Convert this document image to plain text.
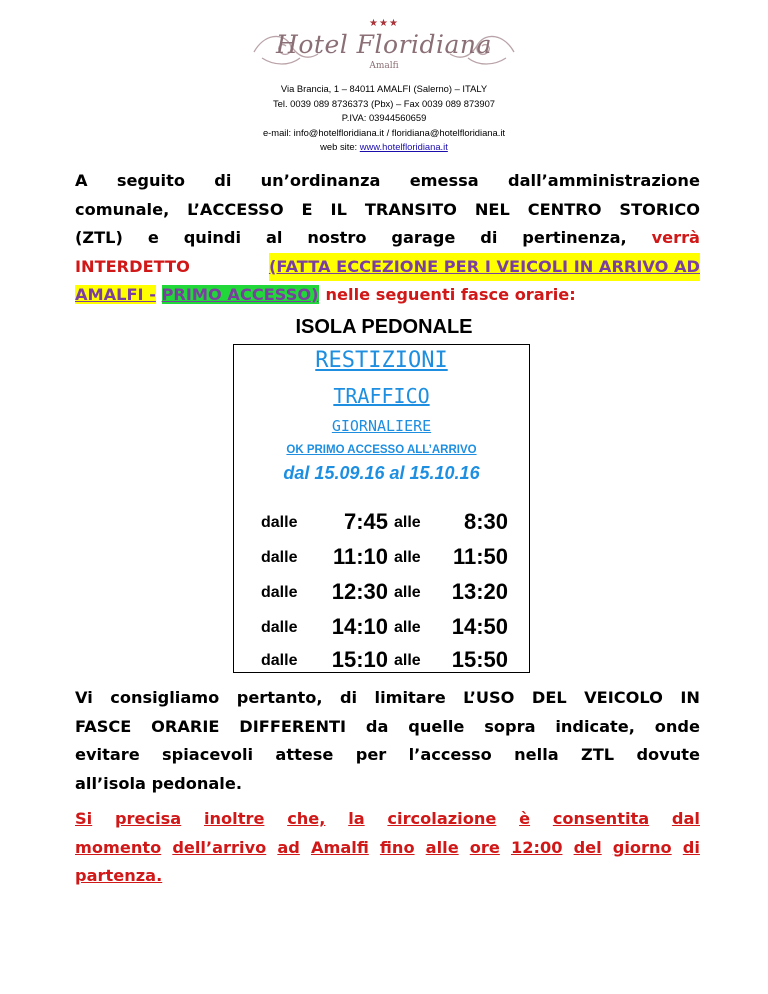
★★★
Hotel Floridiana
Amalfi
Via Brancia, 1 – 84011 AMALFI (Salerno) – ITALY
Tel. 0039 089 8736373 (Pbx) – Fax 0039 089 873907
P.IVA: 03944560659
e-mail: info@hotelfloridiana.it / floridiana@hotelfloridiana.it
web site: www.hotelfloridiana.it
A seguito di un’ordinanza emessa dall’amministrazione
comunale, L’ACCESSO E IL TRANSITO NEL CENTRO STORICO
(ZTL) e quindi al nostro garage di pertinenza, verrà
INTERDETTO	(FATTA ECCEZIONE PER I VEICOLI IN ARRIVO AD
AMALFI - PRIMO ACCESSO) nelle seguenti fasce orarie:
ISOLA PEDONALE
RESTIZIONI
TRAFFICO
GIORNALIERE
OK PRIMO ACCESSO ALL’ARRIVO
dal 15.09.16 al 15.10.16
dalle	7:45 alle	8:30
dalle	11:10 alle	11:50
dalle	12:30 alle	13:20
dalle	14:10 alle	14:50
dalle	15:10 alle	15:50
Vi consigliamo pertanto, di limitare L’USO DEL VEICOLO IN
FASCE ORARIE DIFFERENTI da quelle sopra indicate, onde
evitare spiacevoli attese per l’accesso nella ZTL dovute
all’isola pedonale.
Si precisa inoltre che, la circolazione è consentita dal
momento dell’arrivo ad Amalfi fino alle ore 12:00 del giorno di
partenza.
